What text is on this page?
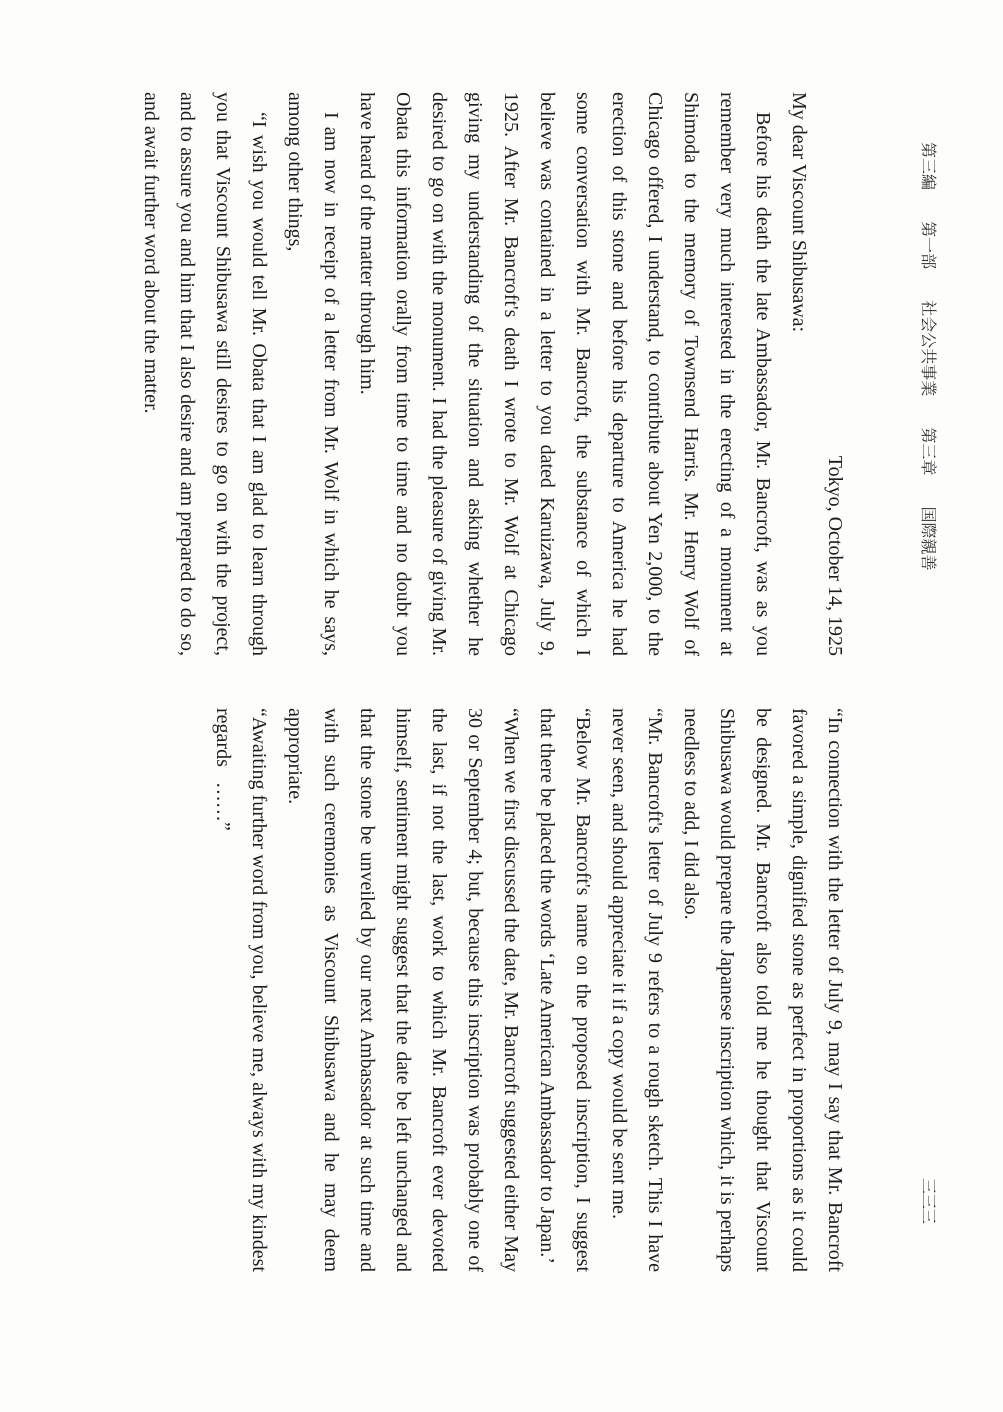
第三編 第一部 社会公共事業 第三章 国際親善
三三三

Tokyo, October 14, 1925

My dear Viscount Shibusawa:

Before his death the late Ambassador, Mr. Bancroft, was as you remember very much interested in the erecting of a monument at Shimoda to the memory of Townsend Harris. Mr. Henry Wolf of Chicago offered, I understand, to contribute about Yen 2,000, to the erection of this stone and before his departure to America he had some conversation with Mr. Bancroft, the substance of which I believe was contained in a letter to you dated Karuizawa, July 9, 1925. After Mr. Bancroft's death I wrote to Mr. Wolf at Chicago giving my understanding of the situation and asking whether he desired to go on with the monument. I had the pleasure of giving Mr. Obata this information orally from time to time and no doubt you have heard of the matter through him.

I am now in receipt of a letter from Mr. Wolf in which he says, among other things,

“I wish you would tell Mr. Obata that I am glad to learn through you that Viscount Shibusawa still desires to go on with the project, and to assure you and him that I also desire and am prepared to do so, and await further word about the matter.

“In connection with the letter of July 9, may I say that Mr. Bancroft favored a simple, dignified stone as perfect in proportions as it could be designed. Mr. Bancroft also told me he thought that Viscount Shibusawa would prepare the Japanese inscription which, it is perhaps needless to add, I did also.

“Mr. Bancroft's letter of July 9 refers to a rough sketch. This I have never seen, and should appreciate it if a copy would be sent me.

“Below Mr. Bancroft's name on the proposed inscription, I suggest that there be placed the words ‘Late American Ambassador to Japan.’

“When we first discussed the date, Mr. Bancroft suggested either May 30 or September 4; but, because this inscription was probably one of the last, if not the last, work to which Mr. Bancroft ever devoted himself, sentiment might suggest that the date be left unchanged and that the stone be unveiled by our next Ambassador at such time and with such ceremonies as Viscount Shibusawa and he may deem appropriate.

“Awaiting further word from you, believe me, always with my kindest regards   ……”
